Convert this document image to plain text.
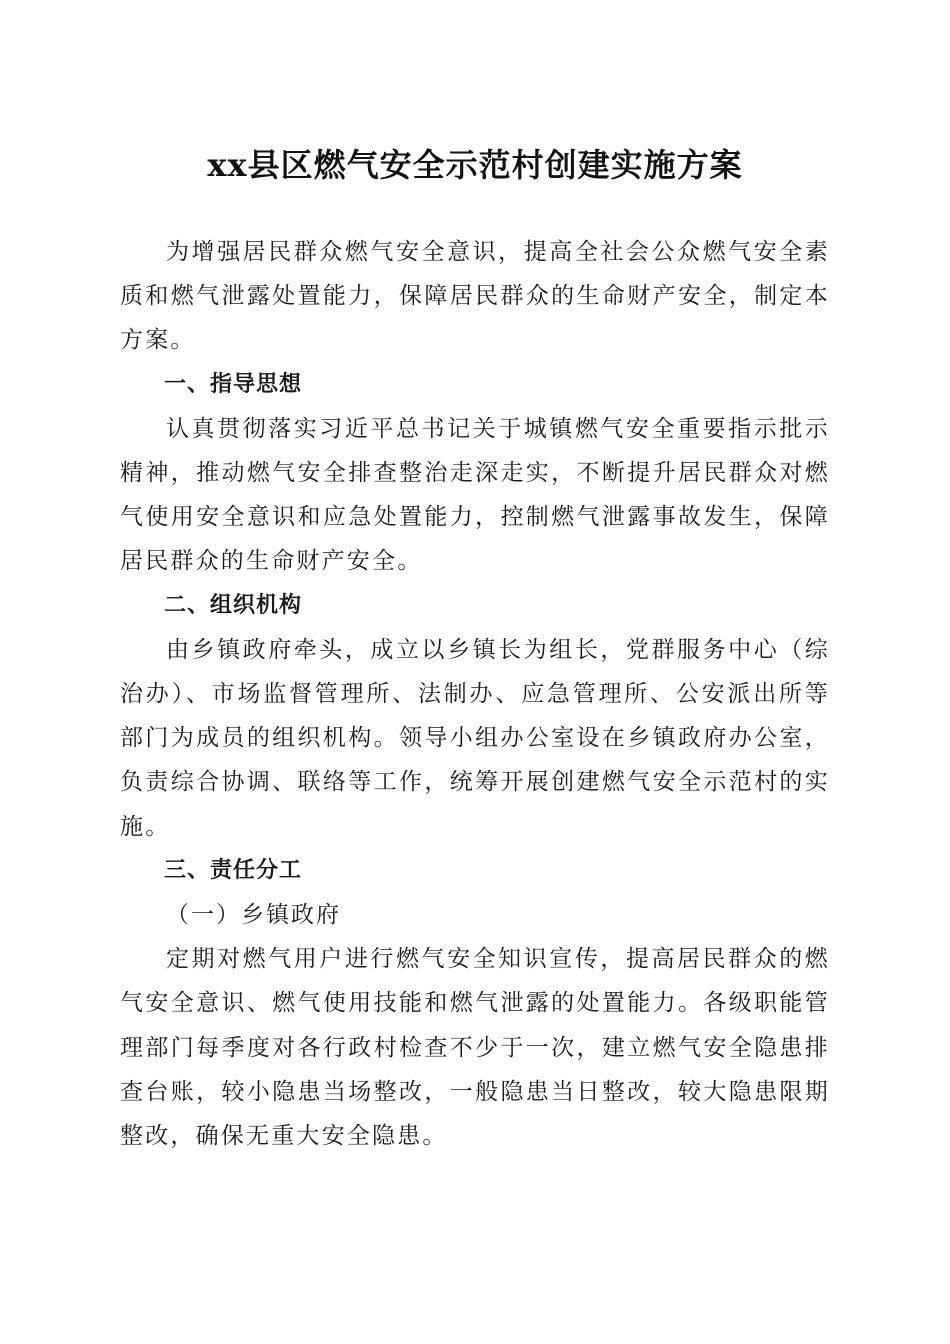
xx县区燃气安全示范村创建实施方案

为增强居民群众燃气安全意识，提高全社会公众燃气安全素质和燃气泄露处置能力，保障居民群众的生命财产安全，制定本方案。

一、指导思想

认真贯彻落实习近平总书记关于城镇燃气安全重要指示批示精神，推动燃气安全排查整治走深走实，不断提升居民群众对燃气使用安全意识和应急处置能力，控制燃气泄露事故发生，保障居民群众的生命财产安全。

二、组织机构

由乡镇政府牵头，成立以乡镇长为组长，党群服务中心（综治办）、市场监督管理所、法制办、应急管理所、公安派出所等部门为成员的组织机构。领导小组办公室设在乡镇政府办公室，负责综合协调、联络等工作，统筹开展创建燃气安全示范村的实施。

三、责任分工

（一）乡镇政府

定期对燃气用户进行燃气安全知识宣传，提高居民群众的燃气安全意识、燃气使用技能和燃气泄露的处置能力。各级职能管理部门每季度对各行政村检查不少于一次，建立燃气安全隐患排查台账，较小隐患当场整改，一般隐患当日整改，较大隐患限期整改，确保无重大安全隐患。
